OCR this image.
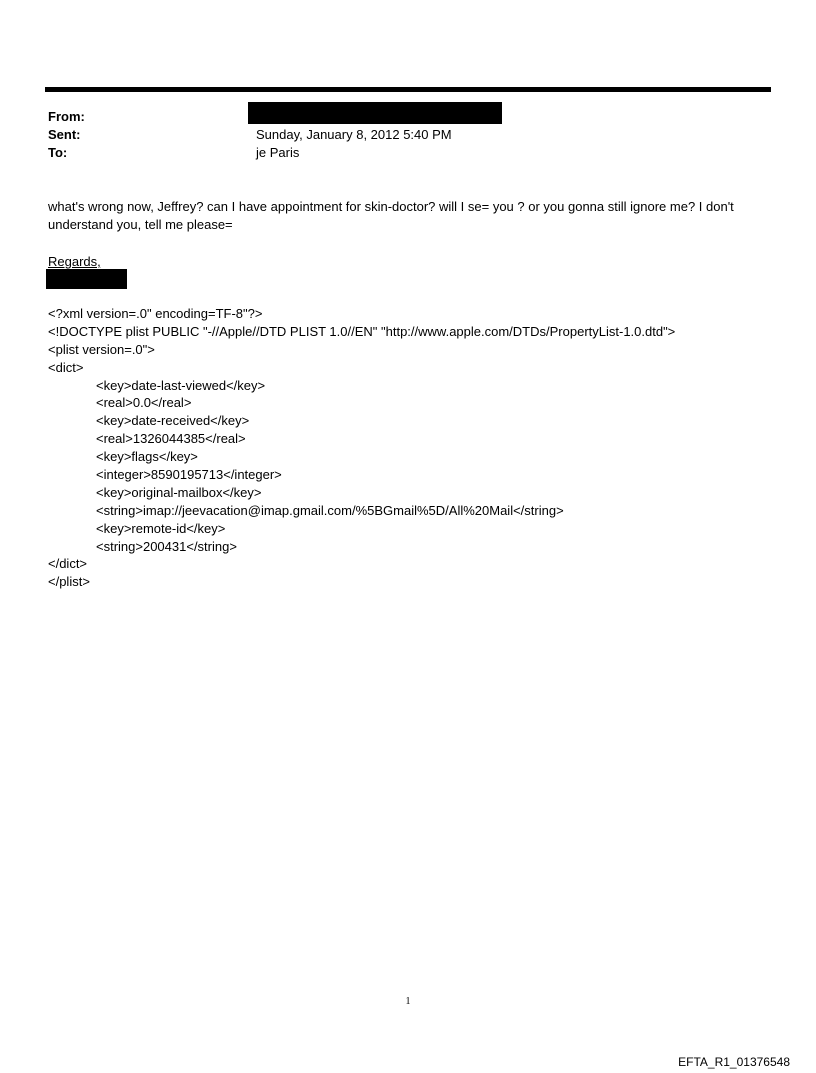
From:
Sent:	Sunday, January 8, 2012 5:40 PM
To:	je Paris

what's wrong now, Jeffrey? can I have appointment for skin-doctor? will I se= you ? or you gonna still ignore me? I don't understand you, tell me please=

Regards,
<?xml version=.0" encoding=TF-8"?>
<!DOCTYPE plist PUBLIC "-//Apple//DTD PLIST 1.0//EN" "http://www.apple.com/DTDs/PropertyList-1.0.dtd">
<plist version=.0">
<dict>
<key>date-last-viewed</key>
<real>0.0</real>
<key>date-received</key>
<real>1326044385</real>
<key>flags</key>
<integer>8590195713</integer>
<key>original-mailbox</key>
<string>imap://jeevacation@imap.gmail.com/%5BGmail%5D/All%20Mail</string>
<key>remote-id</key>
<string>200431</string>
</dict>
</plist>
1
EFTA_R1_01376548
